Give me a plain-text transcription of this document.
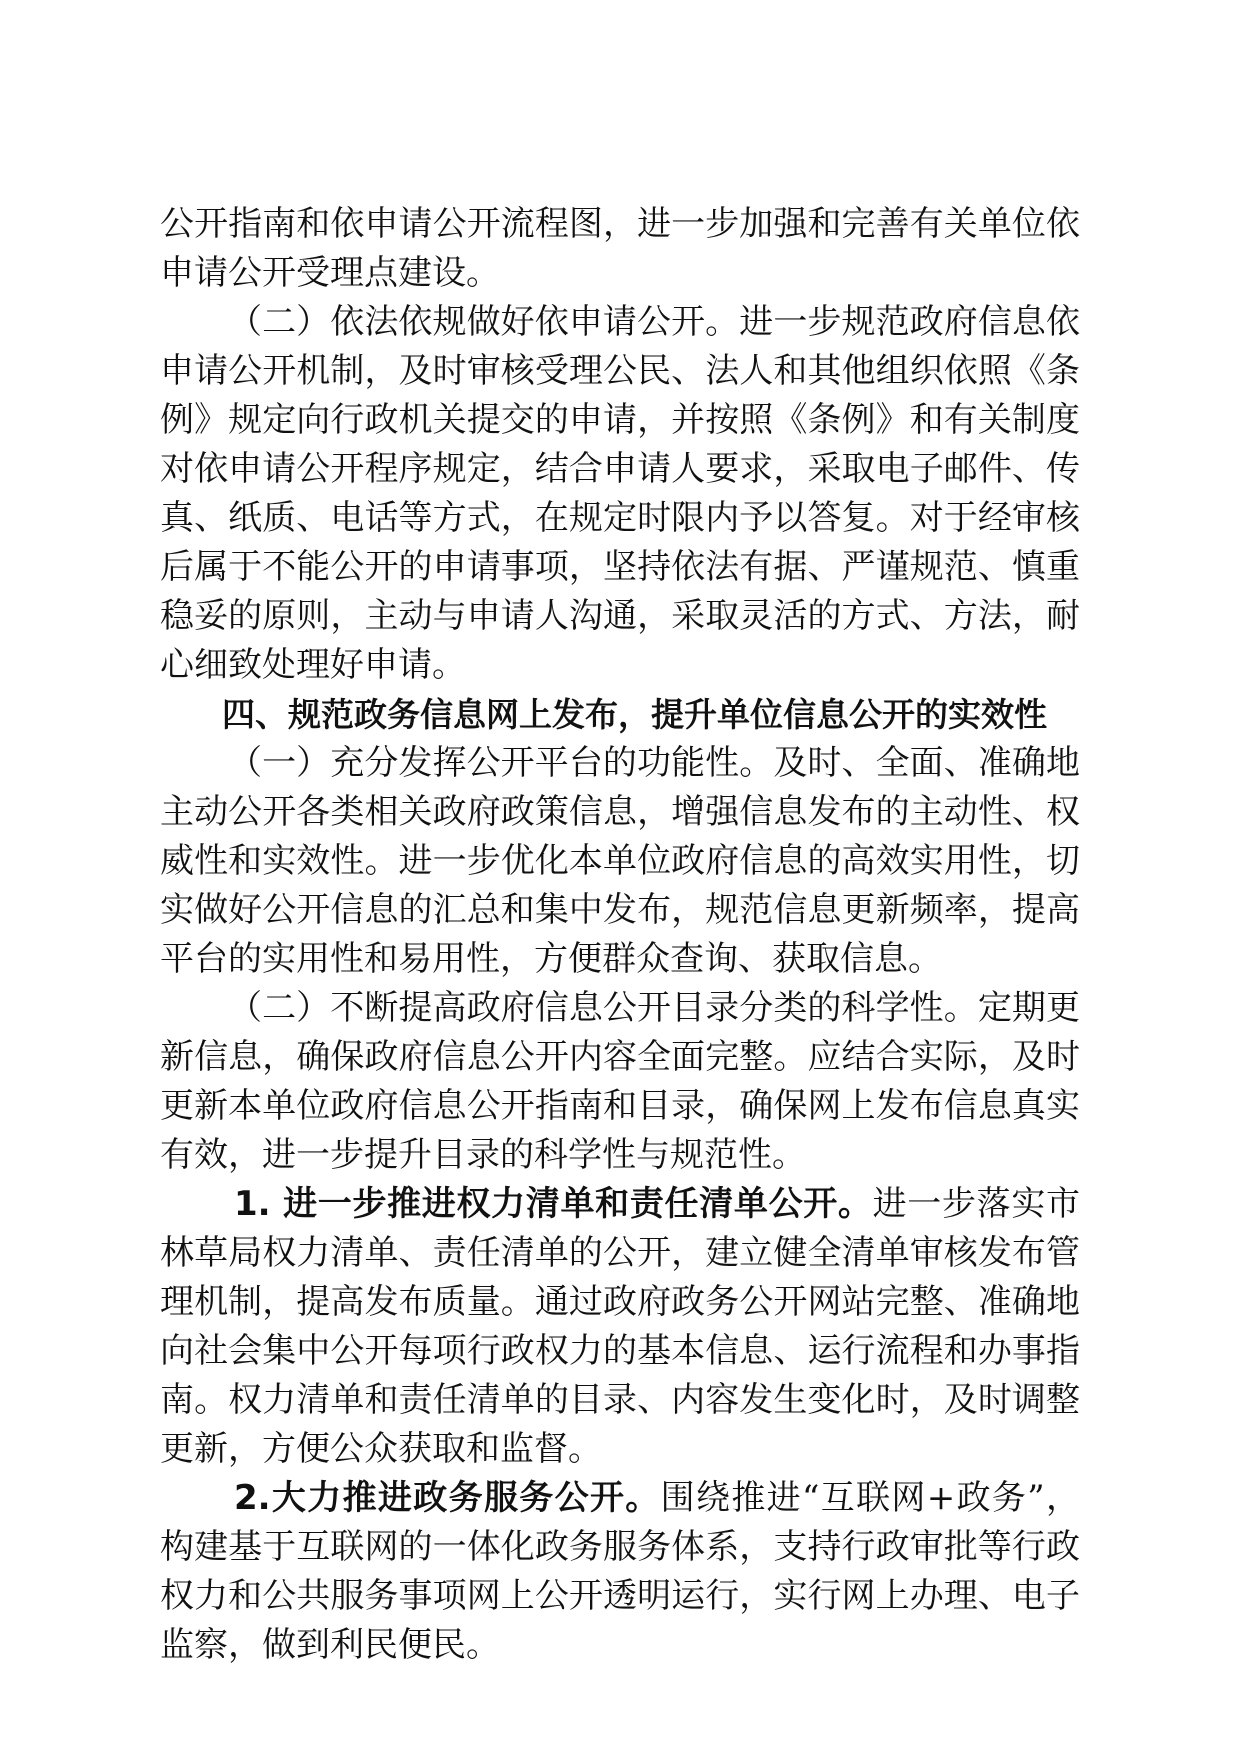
公开指南和依申请公开流程图，进一步加强和完善有关单位依申请公开受理点建设。

（二）依法依规做好依申请公开。进一步规范政府信息依申请公开机制，及时审核受理公民、法人和其他组织依照《条例》规定向行政机关提交的申请，并按照《条例》和有关制度对依申请公开程序规定，结合申请人要求，采取电子邮件、传真、纸质、电话等方式，在规定时限内予以答复。对于经审核后属于不能公开的申请事项，坚持依法有据、严谨规范、慎重稳妥的原则，主动与申请人沟通，采取灵活的方式、方法，耐心细致处理好申请。

四、规范政务信息网上发布，提升单位信息公开的实效性

（一）充分发挥公开平台的功能性。及时、全面、准确地主动公开各类相关政府政策信息，增强信息发布的主动性、权威性和实效性。进一步优化本单位政府信息的高效实用性，切实做好公开信息的汇总和集中发布，规范信息更新频率，提高平台的实用性和易用性，方便群众查询、获取信息。

（二）不断提高政府信息公开目录分类的科学性。定期更新信息，确保政府信息公开内容全面完整。应结合实际，及时更新本单位政府信息公开指南和目录，确保网上发布信息真实有效，进一步提升目录的科学性与规范性。

1. 进一步推进权力清单和责任清单公开。进一步落实市林草局权力清单、责任清单的公开，建立健全清单审核发布管理机制，提高发布质量。通过政府政务公开网站完整、准确地向社会集中公开每项行政权力的基本信息、运行流程和办事指南。权力清单和责任清单的目录、内容发生变化时，及时调整更新，方便公众获取和监督。

2.大力推进政务服务公开。围绕推进“互联网+政务”，构建基于互联网的一体化政务服务体系，支持行政审批等行政权力和公共服务事项网上公开透明运行，实行网上办理、电子监察，做到利民便民。
